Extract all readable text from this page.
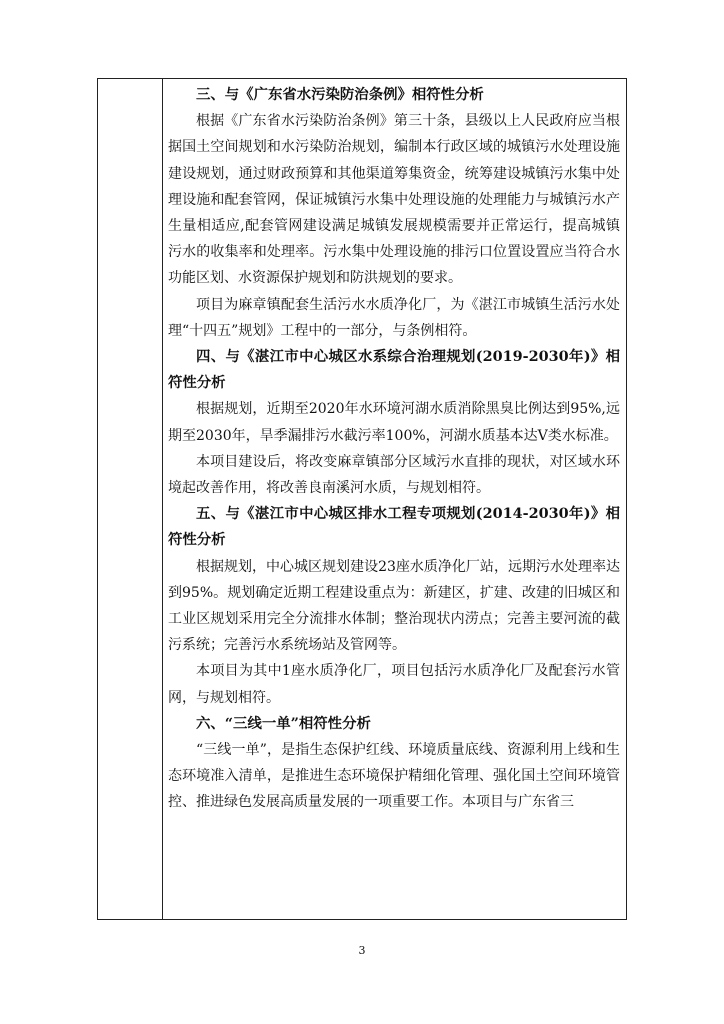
三、与《广东省水污染防治条例》相符性分析

根据《广东省水污染防治条例》第三十条，县级以上人民政府应当根据国土空间规划和水污染防治规划，编制本行政区域的城镇污水处理设施建设规划，通过财政预算和其他渠道筹集资金，统筹建设城镇污水集中处理设施和配套管网，保证城镇污水集中处理设施的处理能力与城镇污水产生量相适应,配套管网建设满足城镇发展规模需要并正常运行，提高城镇污水的收集率和处理率。污水集中处理设施的排污口位置设置应当符合水功能区划、水资源保护规划和防洪规划的要求。

项目为麻章镇配套生活污水水质净化厂，为《湛江市城镇生活污水处理“十四五”规划》工程中的一部分，与条例相符。

四、与《湛江市中心城区水系综合治理规划(2019-2030年)》相符性分析

根据规划，近期至2020年水环境河湖水质消除黑臭比例达到95%,远期至2030年，旱季漏排污水截污率100%，河湖水质基本达Ⅴ类水标准。

本项目建设后，将改变麻章镇部分区域污水直排的现状，对区域水环境起改善作用，将改善良南溪河水质，与规划相符。

五、与《湛江市中心城区排水工程专项规划(2014-2030年)》相符性分析

根据规划，中心城区规划建设23座水质净化厂站，远期污水处理率达到95%。规划确定近期工程建设重点为：新建区，扩建、改建的旧城区和工业区规划采用完全分流排水体制；整治现状内涝点；完善主要河流的截污系统；完善污水系统场站及管网等。

本项目为其中1座水质净化厂，项目包括污水质净化厂及配套污水管网，与规划相符。

六、“三线一单”相符性分析

“三线一单”，是指生态保护红线、环境质量底线、资源利用上线和生态环境准入清单，是推进生态环境保护精细化管理、强化国土空间环境管控、推进绿色发展高质量发展的一项重要工作。本项目与广东省三

3
